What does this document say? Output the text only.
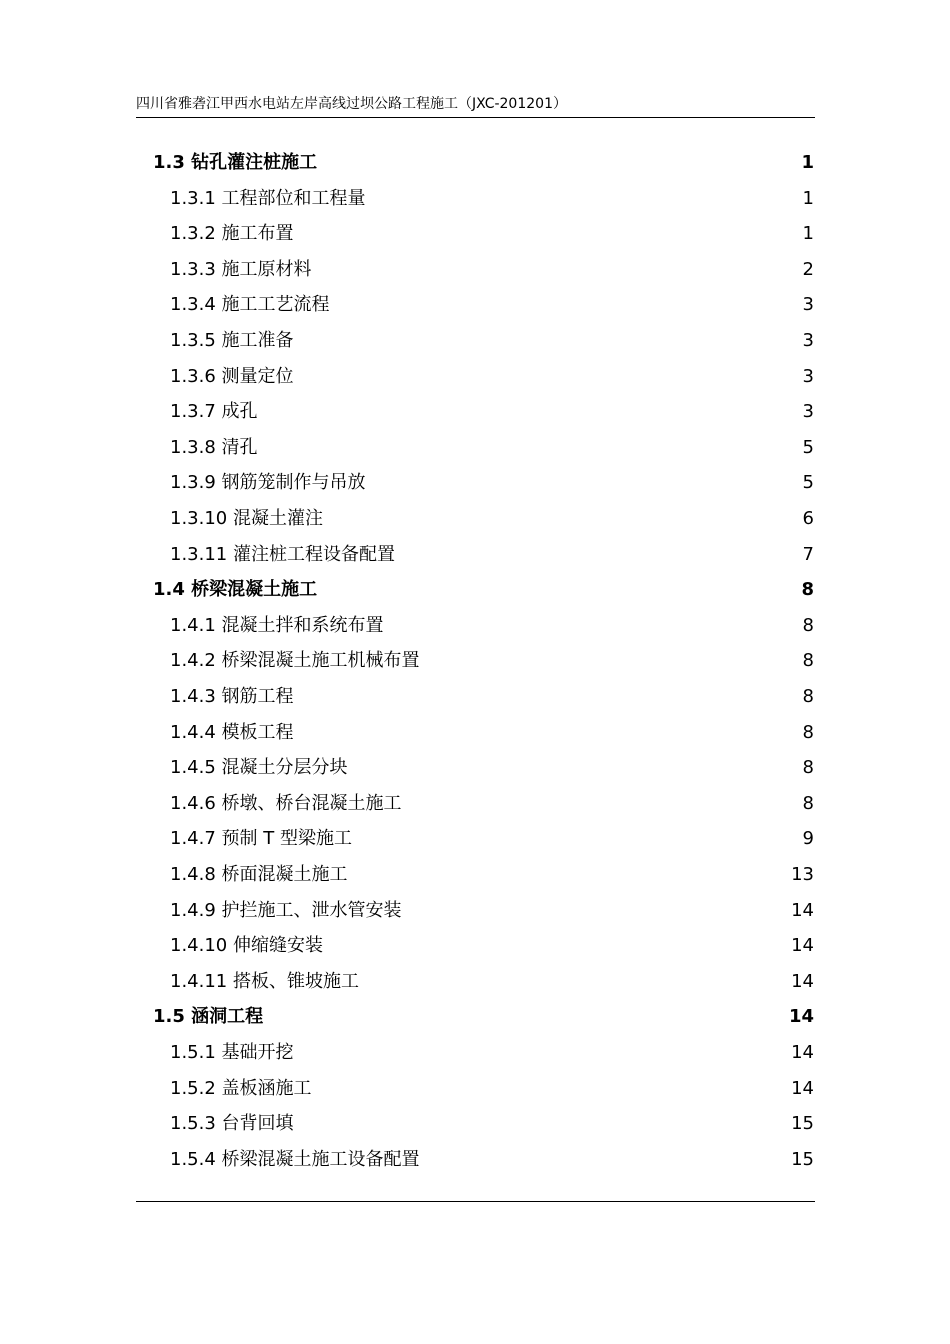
四川省雅砻江甲西水电站左岸高线过坝公路工程施工（JXC-201201）
1.3 钻孔灌注桩施工	1
1.3.1 工程部位和工程量	1
1.3.2 施工布置	1
1.3.3 施工原材料	2
1.3.4 施工工艺流程	3
1.3.5 施工准备	3
1.3.6 测量定位	3
1.3.7 成孔	3
1.3.8 清孔	5
1.3.9 钢筋笼制作与吊放	5
1.3.10 混凝土灌注	6
1.3.11 灌注桩工程设备配置	7
1.4 桥梁混凝土施工	8
1.4.1 混凝土拌和系统布置	8
1.4.2 桥梁混凝土施工机械布置	8
1.4.3 钢筋工程	8
1.4.4 模板工程	8
1.4.5 混凝土分层分块	8
1.4.6 桥墩、桥台混凝土施工	8
1.4.7 预制 T 型梁施工	9
1.4.8 桥面混凝土施工	13
1.4.9 护拦施工、泄水管安装	14
1.4.10 伸缩缝安装	14
1.4.11 搭板、锥坡施工	14
1.5 涵洞工程	14
1.5.1 基础开挖	14
1.5.2 盖板涵施工	14
1.5.3 台背回填	15
1.5.4 桥梁混凝土施工设备配置	15
